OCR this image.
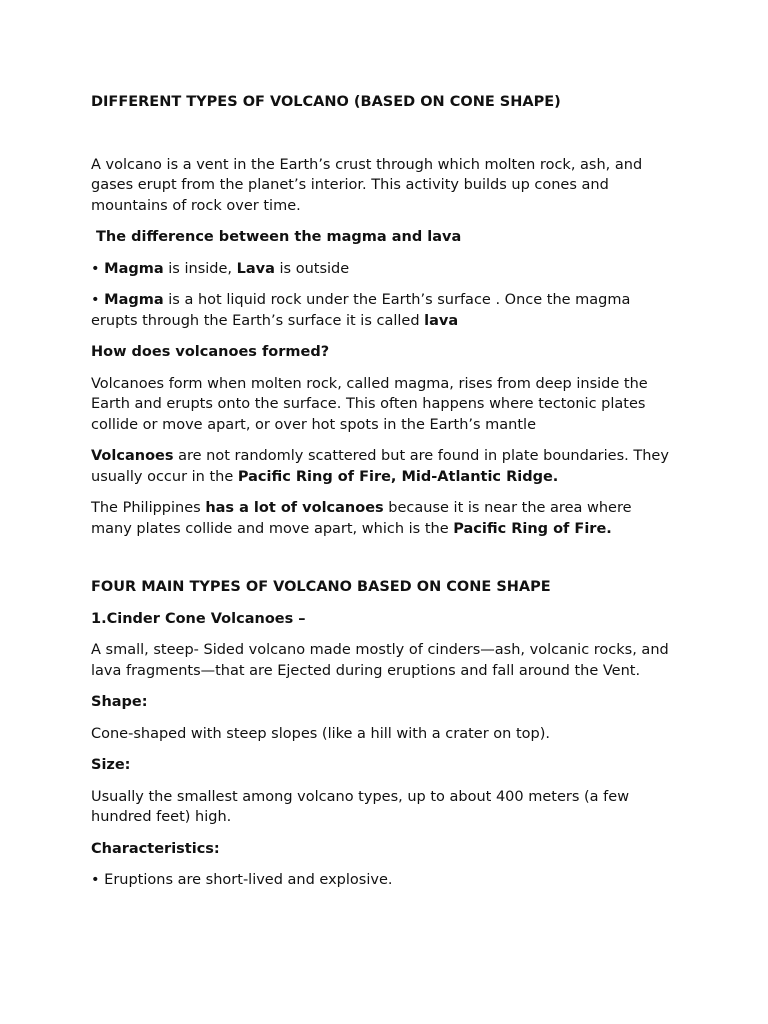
DIFFERENT TYPES OF VOLCANO (BASED ON CONE SHAPE)

A volcano is a vent in the Earth’s crust through which molten rock, ash, and gases erupt from the planet’s interior. This activity builds up cones and mountains of rock over time.

The difference between the magma and lava

• Magma is inside, Lava is outside

• Magma is a hot liquid rock under the Earth’s surface . Once the magma erupts through the Earth’s surface it is called lava

How does volcanoes formed?

Volcanoes form when molten rock, called magma, rises from deep inside the Earth and erupts onto the surface. This often happens where tectonic plates collide or move apart, or over hot spots in the Earth’s mantle

Volcanoes are not randomly scattered but are found in plate boundaries. They usually occur in the Pacific Ring of Fire, Mid-Atlantic Ridge.

The Philippines has a lot of volcanoes because it is near the area where many plates collide and move apart, which is the Pacific Ring of Fire.

FOUR MAIN TYPES OF VOLCANO BASED ON CONE SHAPE

1.Cinder Cone Volcanoes –

A small, steep- Sided volcano made mostly of cinders—ash, volcanic rocks, and lava fragments—that are Ejected during eruptions and fall around the Vent.

Shape:

Cone-shaped with steep slopes (like a hill with a crater on top).

Size:

Usually the smallest among volcano types, up to about 400 meters (a few hundred feet) high.

Characteristics:

• Eruptions are short-lived and explosive.
